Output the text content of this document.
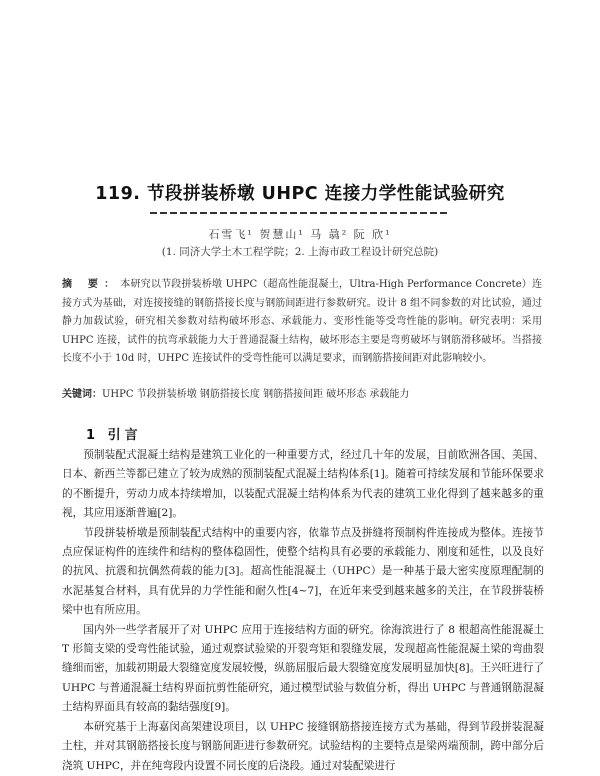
119. 节段拼装桥墩 UHPC 连接力学性能试验研究
石雪飞¹ 贺慧山¹ 马 骉² 阮 欣¹
(1. 同济大学土木工程学院；2. 上海市政工程设计研究总院)
摘 要：本研究以节段拼装桥墩 UHPC（超高性能混凝土，Ultra-High Performance Concrete）连接方式为基础，对连接接缝的钢筋搭接长度与钢筋间距进行参数研究。设计 8 组不同参数的对比试验，通过静力加载试验，研究相关参数对结构破坏形态、承载能力、变形性能等受弯性能的影响。研究表明：采用 UHPC 连接，试件的抗弯承载能力大于普通混凝土结构，破坏形态主要是弯剪破坏与钢筋滑移破坏。当搭接长度不小于 10d 时，UHPC 连接试件的受弯性能可以满足要求，而钢筋搭接间距对此影响较小。
关键词：UHPC 节段拼装桥墩 钢筋搭接长度 钢筋搭接间距 破坏形态 承载能力
1 引言

预制装配式混凝土结构是建筑工业化的一种重要方式，经过几十年的发展，目前欧洲各国、美国、日本、新西兰等都已建立了较为成熟的预制装配式混凝土结构体系[1]。随着可持续发展和节能环保要求的不断提升，劳动力成本持续增加，以装配式混凝土结构体系为代表的建筑工业化得到了越来越多的重视，其应用逐渐普遍[2]。

节段拼装桥墩是预制装配式结构中的重要内容，依靠节点及拼缝将预制构件连接成为整体。连接节点应保证构件的连续件和结构的整体稳固性，使整个结构具有必要的承载能力、刚度和延性，以及良好的抗风、抗震和抗偶然荷载的能力[3]。超高性能混凝土（UHPC）是一种基于最大密实度原理配制的水泥基复合材料，具有优异的力学性能和耐久性[4~7]，在近年来受到越来越多的关注，在节段拼装桥梁中也有所应用。

国内外一些学者展开了对 UHPC 应用于连接结构方面的研究。徐海滨进行了 8 根超高性能混凝土 T 形简支梁的受弯性能试验，通过观察试验梁的开裂弯矩和裂缝发展，发现超高性能混凝土梁的弯曲裂缝细而密，加载初期最大裂缝宽度发展较慢，纵筋屈服后最大裂缝宽度发展明显加快[8]。王兴旺进行了 UHPC 与普通混凝土结构界面抗剪性能研究，通过模型试验与数值分析，得出 UHPC 与普通钢筋混凝土结构界面具有较高的黏结强度[9]。

本研究基于上海嘉闵高架建设项目，以 UHPC 接缝钢筋搭接连接方式为基础，得到节段拼装混凝土柱，并对其钢筋搭接长度与钢筋间距进行参数研究。试验结构的主要特点是梁两端预制，跨中部分后浇筑 UHPC，并在纯弯段内设置不同长度的后浇段。通过对装配梁进行
